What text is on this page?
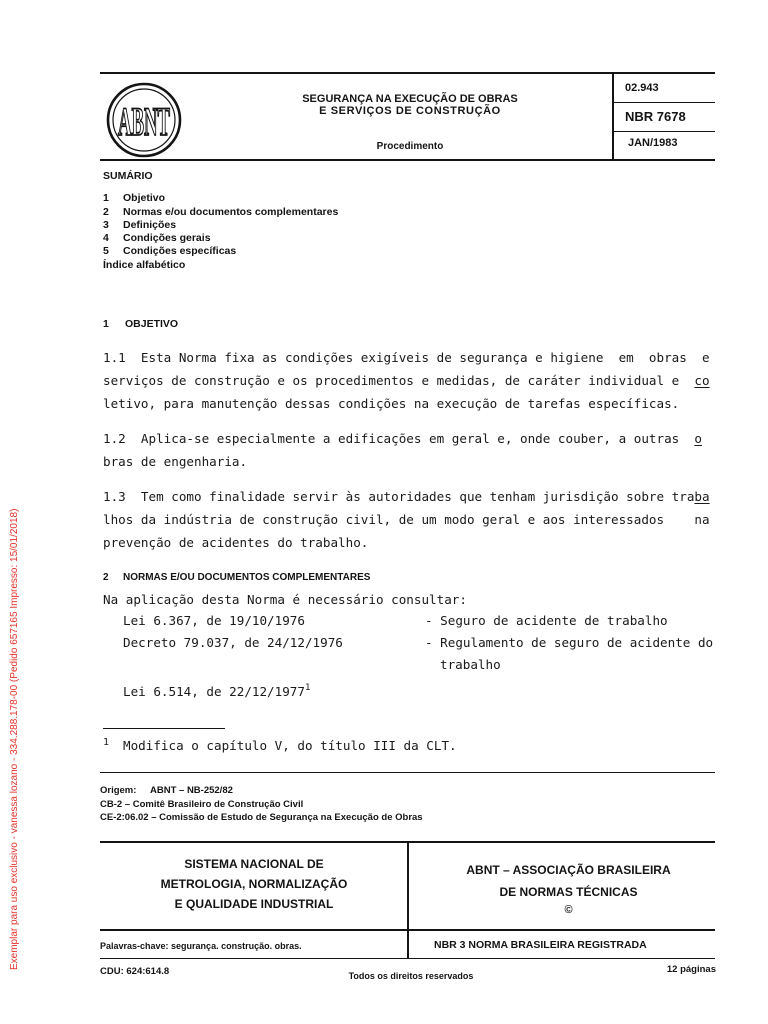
Exemplar para uso exclusivo - vanessa lozano - 334.288.178-00 (Pedido 657165 Impresso: 15/01/2018)
ABNT	SEGURANÇA NA EXECUÇÃO DE OBRAS
E SERVIÇOS DE CONSTRUÇÃO
Procedimento
02.943
NBR 7678
JAN/1983
SUMÁRIO
1 Objetivo
2 Normas e/ou documentos complementares
3 Definições
4 Condições gerais
5 Condições específicas
Índice alfabético
1 OBJETIVO
1.1  Esta Norma fixa as condições exigíveis de segurança e higiene  em  obras  e
serviços de construção e os procedimentos e medidas, de caráter individual e  co
letivo, para manutenção dessas condições na execução de tarefas específicas.
1.2  Aplica-se especialmente a edificações em geral e, onde couber, a outras  o
bras de engenharia.
1.3  Tem como finalidade servir às autoridades que tenham jurisdição sobre traba
lhos da indústria de construção civil, de um modo geral e aos interessados    na
prevenção de acidentes do trabalho.
2 NORMAS E/OU DOCUMENTOS COMPLEMENTARES
Na aplicação desta Norma é necessário consultar:
Lei 6.367, de 19/10/1976	- Seguro de acidente de trabalho
Decreto 79.037, de 24/12/1976	- Regulamento de seguro de acidente do
trabalho
Lei 6.514, de 22/12/1977$^1$
1 Modifica o capítulo V, do título III da CLT.
Origem: ABNT – NB-252/82
CB-2 – Comitê Brasileiro de Construção Civil
CE-2:06.02 – Comissão de Estudo de Segurança na Execução de Obras
SISTEMA NACIONAL DE
METROLOGIA, NORMALIZAÇÃO
E QUALIDADE INDUSTRIAL
ABNT – ASSOCIAÇÃO BRASILEIRA
DE NORMAS TÉCNICAS
©
Palavras-chave: segurança. construção. obras.	NBR 3 NORMA BRASILEIRA REGISTRADA
CDU: 624:614.8	Todos os direitos reservados
12 páginas
